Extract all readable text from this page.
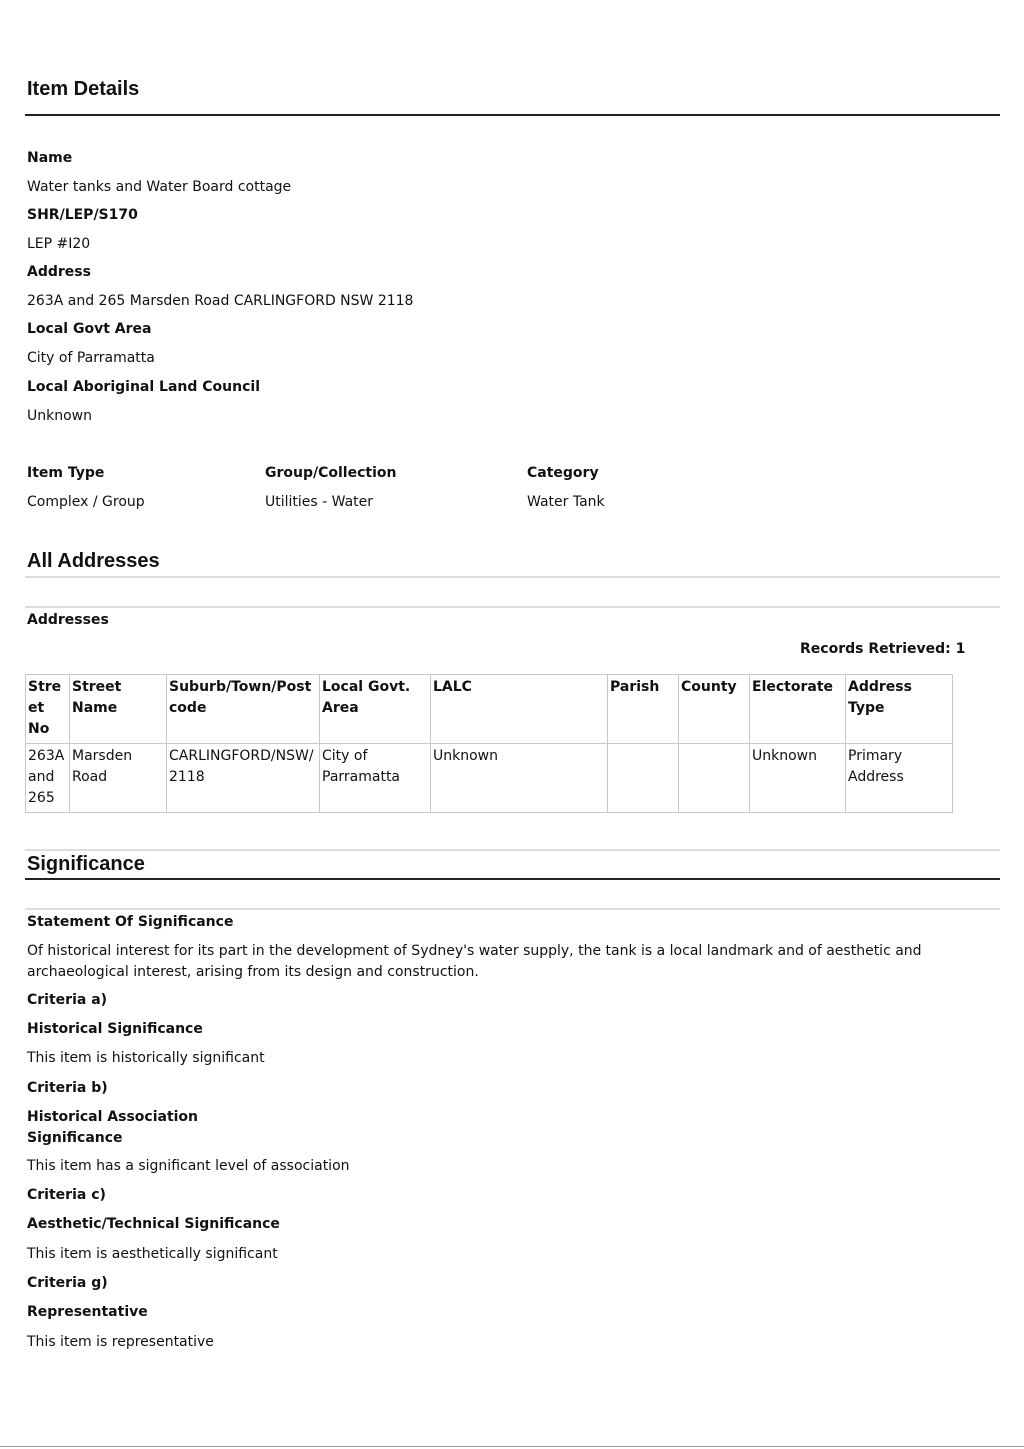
Item Details
Name
Water tanks and Water Board cottage
SHR/LEP/S170
LEP #I20
Address
263A and 265 Marsden Road CARLINGFORD NSW 2118
Local Govt Area
City of Parramatta
Local Aboriginal Land Council
Unknown
Item Type
Complex / Group
Group/Collection
Utilities - Water
Category
Water Tank
All Addresses
Addresses
Records Retrieved: 1
Street No	Street Name	Suburb/Town/Postcode	Local Govt. Area	LALC	Parish	County	Electorate	Address Type
263A and 265	Marsden Road	CARLINGFORD/NSW/2118	City of Parramatta	Unknown			Unknown	Primary Address
Significance
Statement Of Significance
Of historical interest for its part in the development of Sydney's water supply, the tank is a local landmark and of aesthetic and archaeological interest, arising from its design and construction.
Criteria a)
Historical Significance
This item is historically significant
Criteria b)
Historical Association Significance
This item has a significant level of association
Criteria c)
Aesthetic/Technical Significance
This item is aesthetically significant
Criteria g)
Representative
This item is representative
